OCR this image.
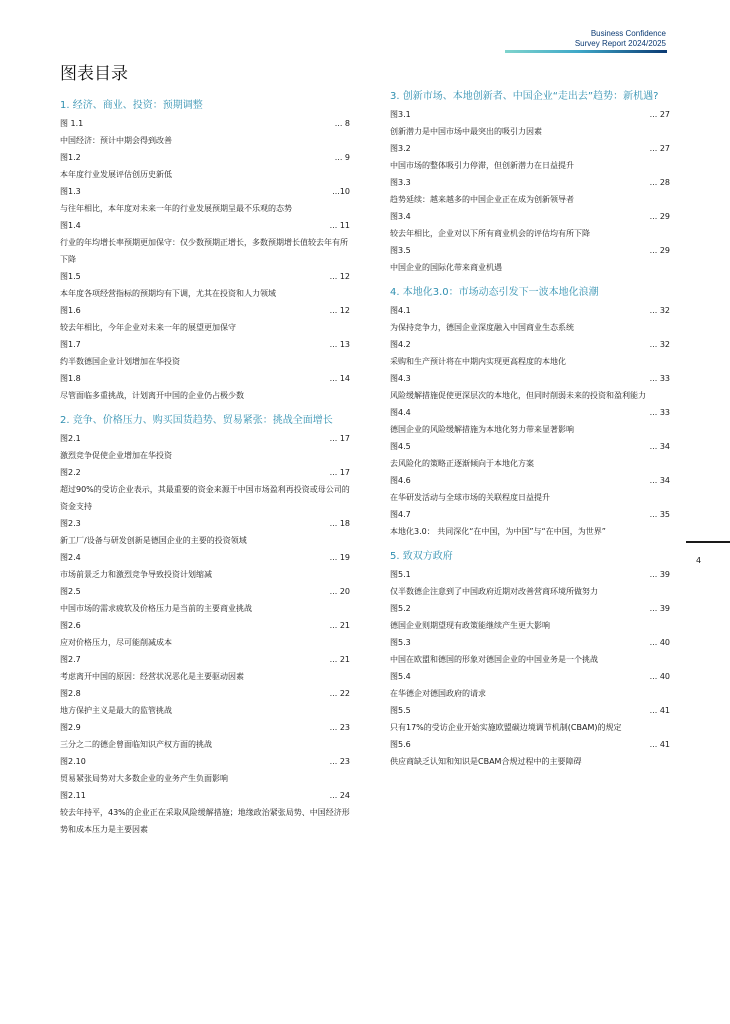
Business Confidence
Survey Report 2024/2025
图表目录
1. 经济、商业、投资：预期调整
图 1.1	... 8
中国经济：预计中期会得到改善
图1.2	... 9
本年度行业发展评估创历史新低
图1.3	...10
与往年相比，本年度对未来一年的行业发展预期呈最不乐观的态势
图1.4	... 11
行业的年均增长率预期更加保守：仅少数预期正增长，多数预期增长值较去年有所下降
图1.5	... 12
本年度各项经营指标的预期均有下调，尤其在投资和人力领域
图1.6	... 12
较去年相比，今年企业对未来一年的展望更加保守
图1.7	... 13
约半数德国企业计划增加在华投资
图1.8	... 14
尽管面临多重挑战，计划离开中国的企业仍占极少数
2. 竞争、价格压力、购买国货趋势、贸易紧张：挑战全面增长
图2.1	... 17
激烈竞争促使企业增加在华投资
图2.2	... 17
超过90%的受访企业表示，其最重要的资金来源于中国市场盈利再投资或母公司的资金支持
图2.3	... 18
新工厂/设备与研发创新是德国企业的主要的投资领域
图2.4	... 19
市场前景乏力和激烈竞争导致投资计划缩减
图2.5	... 20
中国市场的需求疲软及价格压力是当前的主要商业挑战
图2.6	... 21
应对价格压力，尽可能削减成本
图2.7	... 21
考虑离开中国的原因：经营状况恶化是主要驱动因素
图2.8	... 22
地方保护主义是最大的监管挑战
图2.9	... 23
三分之二的德企曾面临知识产权方面的挑战
图2.10	... 23
贸易紧张局势对大多数企业的业务产生负面影响
图2.11	... 24
较去年持平，43%的企业正在采取风险缓解措施；地缘政治紧张局势、中国经济形势和成本压力是主要因素
3. 创新市场、本地创新者、中国企业“走出去”趋势：新机遇?
图3.1	... 27
创新潜力是中国市场中最突出的吸引力因素
图3.2	... 27
中国市场的整体吸引力停滞，但创新潜力在日益提升
图3.3	... 28
趋势延续：越来越多的中国企业正在成为创新领导者
图3.4	... 29
较去年相比，企业对以下所有商业机会的评估均有所下降
图3.5	... 29
中国企业的国际化带来商业机遇
4. 本地化3.0：市场动态引发下一波本地化浪潮
图4.1	... 32
为保持竞争力，德国企业深度融入中国商业生态系统
图4.2	... 32
采购和生产预计将在中期内实现更高程度的本地化
图4.3	... 33
风险缓解措施促使更深层次的本地化，但同时削弱未来的投资和盈利能力
图4.4	... 33
德国企业的风险缓解措施为本地化努力带来显著影响
图4.5	... 34
去风险化的策略正逐渐倾向于本地化方案
图4.6	... 34
在华研发活动与全球市场的关联程度日益提升
图4.7	... 35
本地化3.0： 共同深化“在中国，为中国”与“在中国，为世界”
5. 致双方政府
图5.1	... 39
仅半数德企注意到了中国政府近期对改善营商环境所做努力
图5.2	... 39
德国企业则期望现有政策能继续产生更大影响
图5.3	... 40
中国在欧盟和德国的形象对德国企业的中国业务是一个挑战
图5.4	... 40
在华德企对德国政府的请求
图5.5	... 41
只有17%的受访企业开始实施欧盟碳边境调节机制(CBAM)的规定
图5.6	... 41
供应商缺乏认知和知识是CBAM合规过程中的主要障碍
4
